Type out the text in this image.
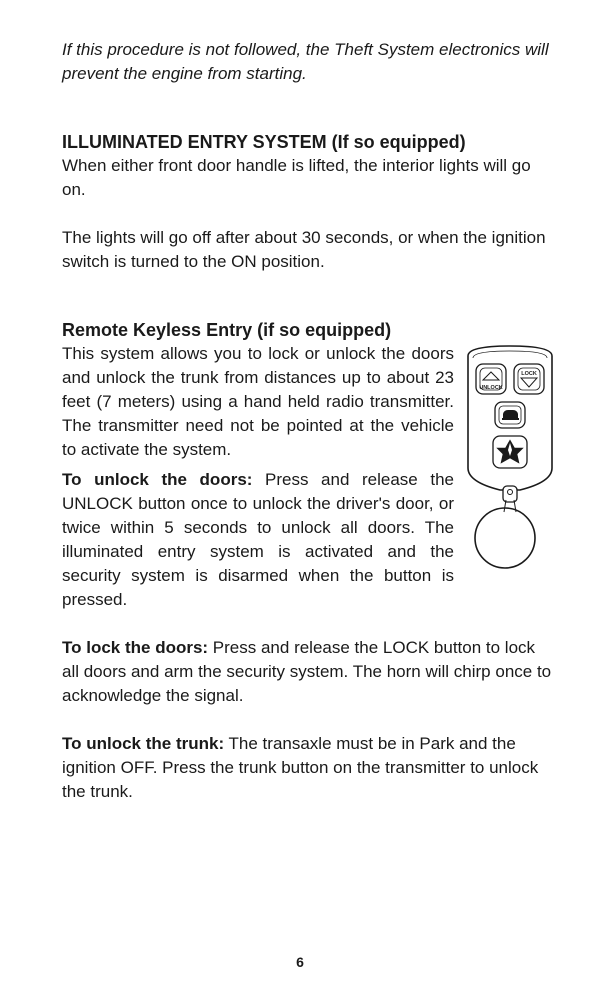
If this procedure is not followed, the Theft System electronics will prevent the engine from starting.

ILLUMINATED ENTRY SYSTEM (If so equipped)

When either front door handle is lifted, the interior lights will go on.

The lights will go off after about 30 seconds, or when the ignition switch is turned to the ON position.

Remote Keyless Entry (if so equipped)

This system allows you to lock or unlock the doors and unlock the trunk from distances up to about 23 feet (7 meters) using a hand held radio transmitter. The transmitter need not be pointed at the vehicle to activate the system.

To unlock the doors: Press and release the UNLOCK button once to unlock the driver's door, or twice within 5 seconds to unlock all doors. The illuminated entry system is activated and the security system is disarmed when the button is pressed.

To lock the doors: Press and release the LOCK button to lock all doors and arm the security system. The horn will chirp once to acknowledge the signal.

To unlock the trunk: The transaxle must be in Park and the ignition OFF. Press the trunk button on the transmitter to unlock the trunk.

UNLOCK
LOCK
6
